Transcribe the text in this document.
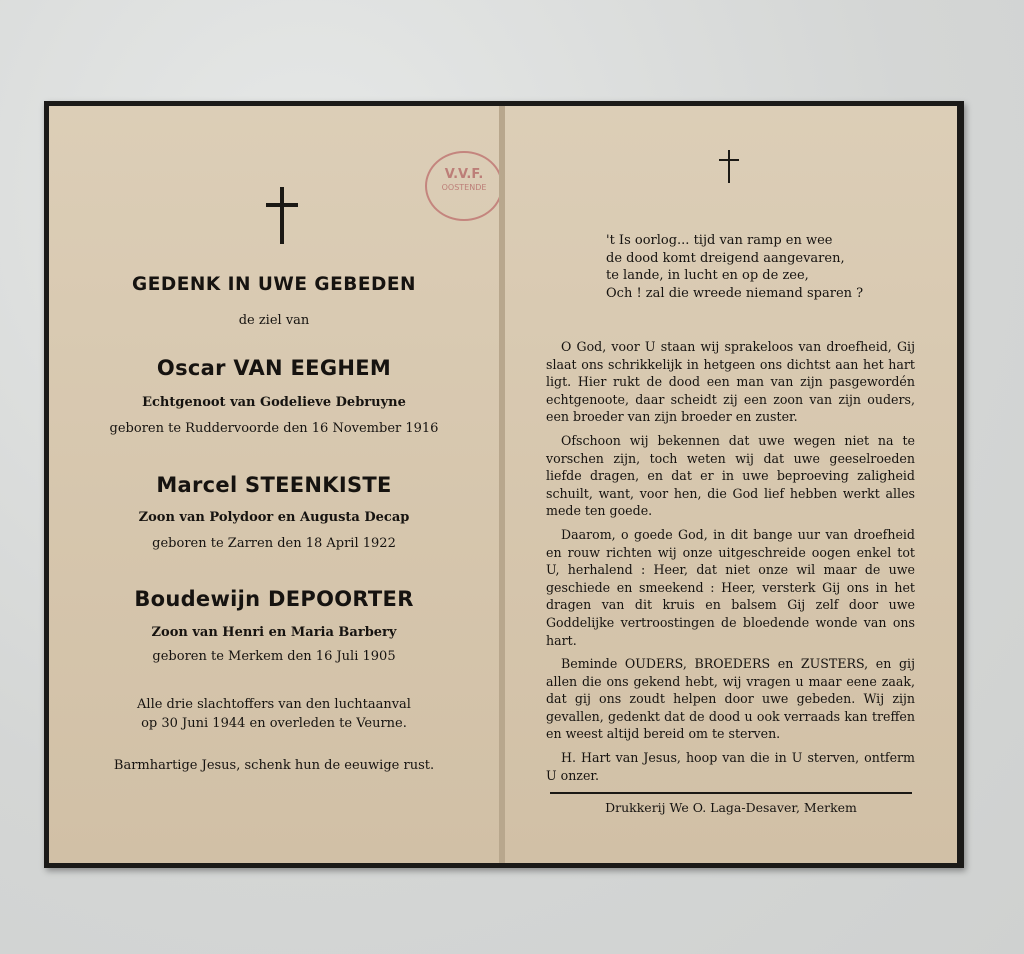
V.V.F.
OOSTENDE
GEDENK IN UWE GEBEDEN
de ziel van
Oscar VAN EEGHEM
Echtgenoot van Godelieve Debruyne
geboren te Ruddervoorde den 16 November 1916
Marcel STEENKISTE
Zoon van Polydoor en Augusta Decap
geboren te Zarren den 18 April 1922
Boudewijn DEPOORTER
Zoon van Henri en Maria Barbery
geboren te Merkem den 16 Juli 1905
Alle drie slachtoffers van den luchtaanval
op 30 Juni 1944 en overleden te Veurne.
Barmhartige Jesus, schenk hun de eeuwige rust.
't Is oorlog... tijd van ramp en wee
de dood komt dreigend aangevaren,
te lande, in lucht en op de zee,
Och ! zal die wreede niemand sparen ?

O God, voor U staan wij sprakeloos van droefheid, Gij slaat ons schrikkelijk in hetgeen ons dichtst aan het hart ligt. Hier rukt de dood een man van zijn pasgewordén echtgenoote, daar scheidt zij een zoon van zijn ouders, een broeder van zijn broeder en zuster.

Ofschoon wij bekennen dat uwe wegen niet na te vorschen zijn, toch weten wij dat uwe geeselroeden liefde dragen, en dat er in uwe beproeving zaligheid schuilt, want, voor hen, die God lief hebben werkt alles mede ten goede.

Daarom, o goede God, in dit bange uur van droefheid en rouw richten wij onze uitgeschreide oogen enkel tot U, herhalend : Heer, dat niet onze wil maar de uwe geschiede en smeekend : Heer, versterk Gij ons in het dragen van dit kruis en balsem Gij zelf door uwe Goddelijke vertroostingen de bloedende wonde van ons hart.

Beminde OUDERS, BROEDERS en ZUSTERS, en gij allen die ons gekend hebt, wij vragen u maar eene zaak, dat gij ons zoudt helpen door uwe gebeden. Wij zijn gevallen, gedenkt dat de dood u ook verraads kan treffen en weest altijd bereid om te sterven.

H. Hart van Jesus, hoop van die in U sterven, ontferm U onzer.

Drukkerij We O. Laga-Desaver, Merkem
